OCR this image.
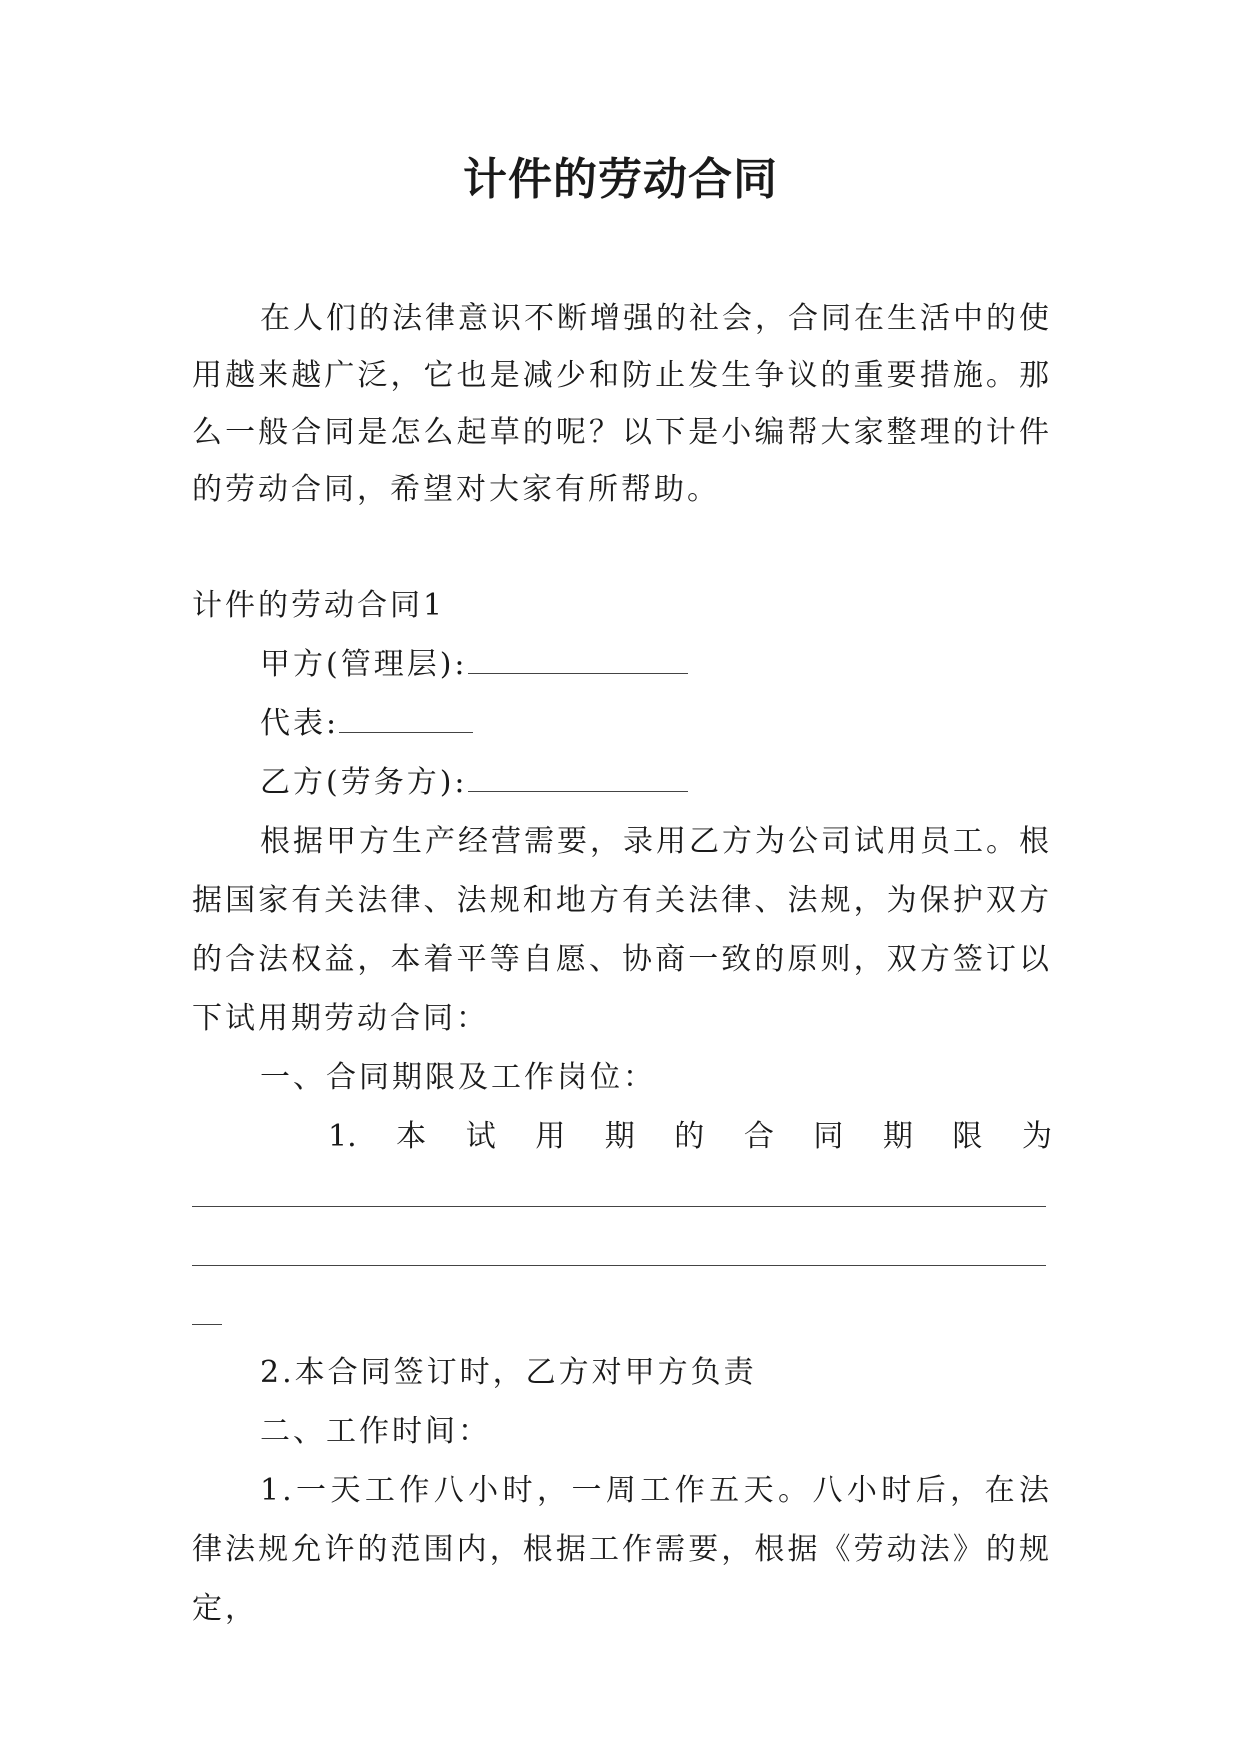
计件的劳动合同

在人们的法律意识不断增强的社会，合同在生活中的使用越来越广泛，它也是减少和防止发生争议的重要措施。那么一般合同是怎么起草的呢？以下是小编帮大家整理的计件的劳动合同，希望对大家有所帮助。

计件的劳动合同1

甲方(管理层):

代表:

乙方(劳务方):

根据甲方生产经营需要，录用乙方为公司试用员工。根据国家有关法律、法规和地方有关法律、法规，为保护双方的合法权益，本着平等自愿、协商一致的原则，双方签订以下试用期劳动合同：

一、合同期限及工作岗位：

1. 本 试 用 期 的 合 同 期 限 为

2.本合同签订时，乙方对甲方负责

二、工作时间：

1.一天工作八小时，一周工作五天。八小时后，在法律法规允许的范围内，根据工作需要，根据《劳动法》的规定，
